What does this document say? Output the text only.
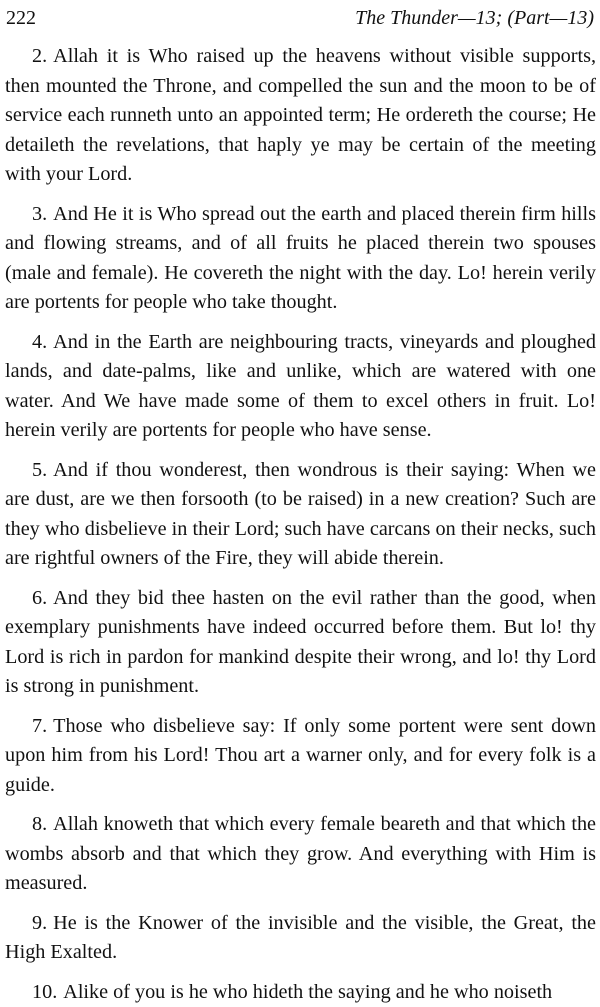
222	The Thunder—13; (Part—13)

2. Allah it is Who raised up the heavens without visible supports, then mounted the Throne, and compelled the sun and the moon to be of service each runneth unto an appointed term; He ordereth the course; He detaileth the revelations, that haply ye may be certain of the meeting with your Lord.

3. And He it is Who spread out the earth and placed therein firm hills and flowing streams, and of all fruits he placed therein two spouses (male and female). He covereth the night with the day. Lo! herein verily are portents for people who take thought.

4. And in the Earth are neighbouring tracts, vineyards and ploughed lands, and date-palms, like and unlike, which are watered with one water. And We have made some of them to excel others in fruit. Lo! herein verily are portents for people who have sense.

5. And if thou wonderest, then wondrous is their saying: When we are dust, are we then forsooth (to be raised) in a new creation? Such are they who disbelieve in their Lord; such have carcans on their necks, such are rightful owners of the Fire, they will abide therein.

6. And they bid thee hasten on the evil rather than the good, when exemplary punishments have indeed occurred before them. But lo! thy Lord is rich in pardon for mankind despite their wrong, and lo! thy Lord is strong in punishment.

7. Those who disbelieve say: If only some portent were sent down upon him from his Lord! Thou art a warner only, and for every folk is a guide.

8. Allah knoweth that which every female beareth and that which the wombs absorb and that which they grow. And everything with Him is measured.

9. He is the Knower of the invisible and the visible, the Great, the High Exalted.

10. Alike of you is he who hideth the saying and he who noiseth
